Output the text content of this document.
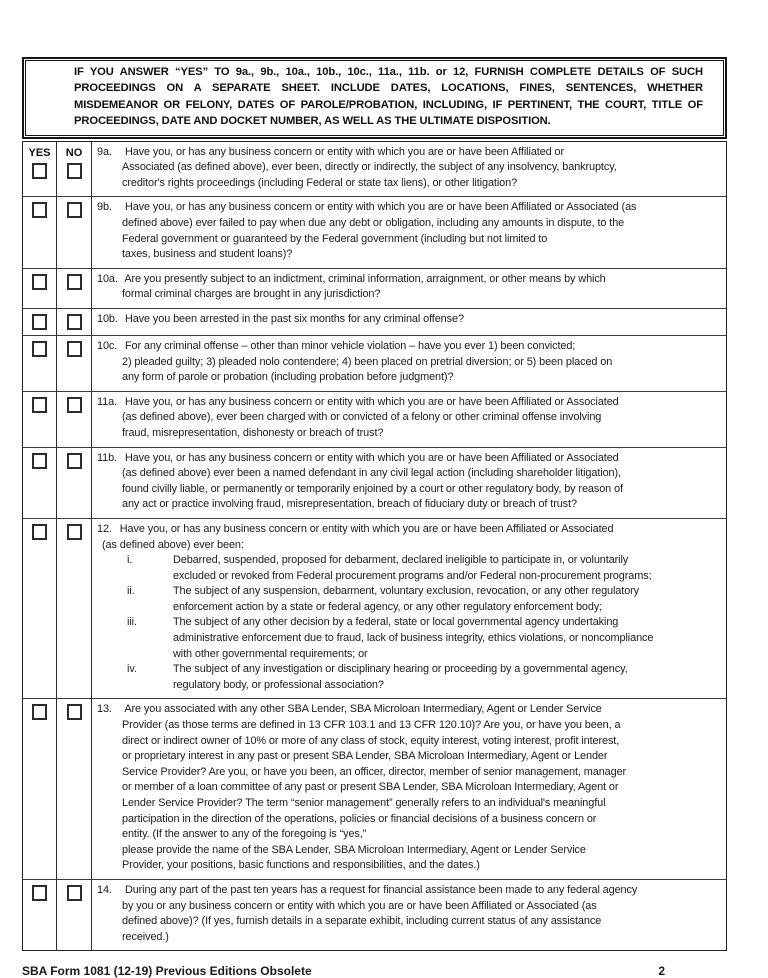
IF YOU ANSWER “YES” TO 9a., 9b., 10a., 10b., 10c., 11a., 11b. or 12, FURNISH COMPLETE DETAILS OF SUCH PROCEEDINGS ON A SEPARATE SHEET. INCLUDE DATES, LOCATIONS, FINES, SENTENCES, WHETHER MISDEMEANOR OR FELONY, DATES OF PAROLE/PROBATION, INCLUDING, IF PERTINENT, THE COURT, TITLE OF PROCEEDINGS, DATE AND DOCKET NUMBER, AS WELL AS THE ULTIMATE DISPOSITION.

YES	NO	9a. Have you, or has any business concern or entity with which you are or have been Affiliated or
Associated (as defined above), ever been, directly or indirectly, the subject of any insolvency, bankruptcy,
creditor's rights proceedings (including Federal or state tax liens), or other litigation?
9b. Have you, or has any business concern or entity with which you are or have been Affiliated or Associated (as
defined above) ever failed to pay when due any debt or obligation, including any amounts in dispute, to the
Federal government or guaranteed by the Federal government (including but not limited to
taxes, business and student loans)?
10a. Are you presently subject to an indictment, criminal information, arraignment, or other means by which
formal criminal charges are brought in any jurisdiction?
10b. Have you been arrested in the past six months for any criminal offense?
10c. For any criminal offense – other than minor vehicle violation – have you ever 1) been convicted;
2) pleaded guilty; 3) pleaded nolo contendere; 4) been placed on pretrial diversion; or 5) been placed on
any form of parole or probation (including probation before judgment)?
11a. Have you, or has any business concern or entity with which you are or have been Affiliated or Associated
(as defined above), ever been charged with or convicted of a felony or other criminal offense involving
fraud, misrepresentation, dishonesty or breach of trust?
11b. Have you, or has any business concern or entity with which you are or have been Affiliated or Associated
(as defined above) ever been a named defendant in any civil legal action (including shareholder litigation),
found civilly liable, or permanently or temporarily enjoined by a court or other regulatory body, by reason of
any act or practice involving fraud, misrepresentation, breach of fiduciary duty or breach of trust?
12. Have you, or has any business concern or entity with which you are or have been Affiliated or Associated
(as defined above) ever been:
i.	Debarred, suspended, proposed for debarment, declared ineligible to participate in, or voluntarily
excluded or revoked from Federal procurement programs and/or Federal non-procurement programs;
ii.	The subject of any suspension, debarment, voluntary exclusion, revocation, or any other regulatory
enforcement action by a state or federal agency, or any other regulatory enforcement body;
iii.	The subject of any other decision by a federal, state or local governmental agency undertaking
administrative enforcement due to fraud, lack of business integrity, ethics violations, or noncompliance
with other governmental requirements; or
iv.	The subject of any investigation or disciplinary hearing or proceeding by a governmental agency,
regulatory body, or professional association?
13. Are you associated with any other SBA Lender, SBA Microloan Intermediary, Agent or Lender Service
Provider (as those terms are defined in 13 CFR 103.1 and 13 CFR 120.10)? Are you, or have you been, a
direct or indirect owner of 10% or more of any class of stock, equity interest, voting interest, profit interest,
or proprietary interest in any past or present SBA Lender, SBA Microloan Intermediary, Agent or Lender
Service Provider? Are you, or have you been, an officer, director, member of senior management, manager
or member of a loan committee of any past or present SBA Lender, SBA Microloan Intermediary, Agent or
Lender Service Provider? The term “senior management” generally refers to an individual's meaningful
participation in the direction of the operations, policies or financial decisions of a business concern or
entity. (If the answer to any of the foregoing is “yes,”
please provide the name of the SBA Lender, SBA Microloan Intermediary, Agent or Lender Service
Provider, your positions, basic functions and responsibilities, and the dates.)
14. During any part of the past ten years has a request for financial assistance been made to any federal agency
by you or any business concern or entity with which you are or have been Affiliated or Associated (as
defined above)? (If yes, furnish details in a separate exhibit, including current status of any assistance
received.)
SBA Form 1081 (12-19) Previous Editions Obsolete	2
